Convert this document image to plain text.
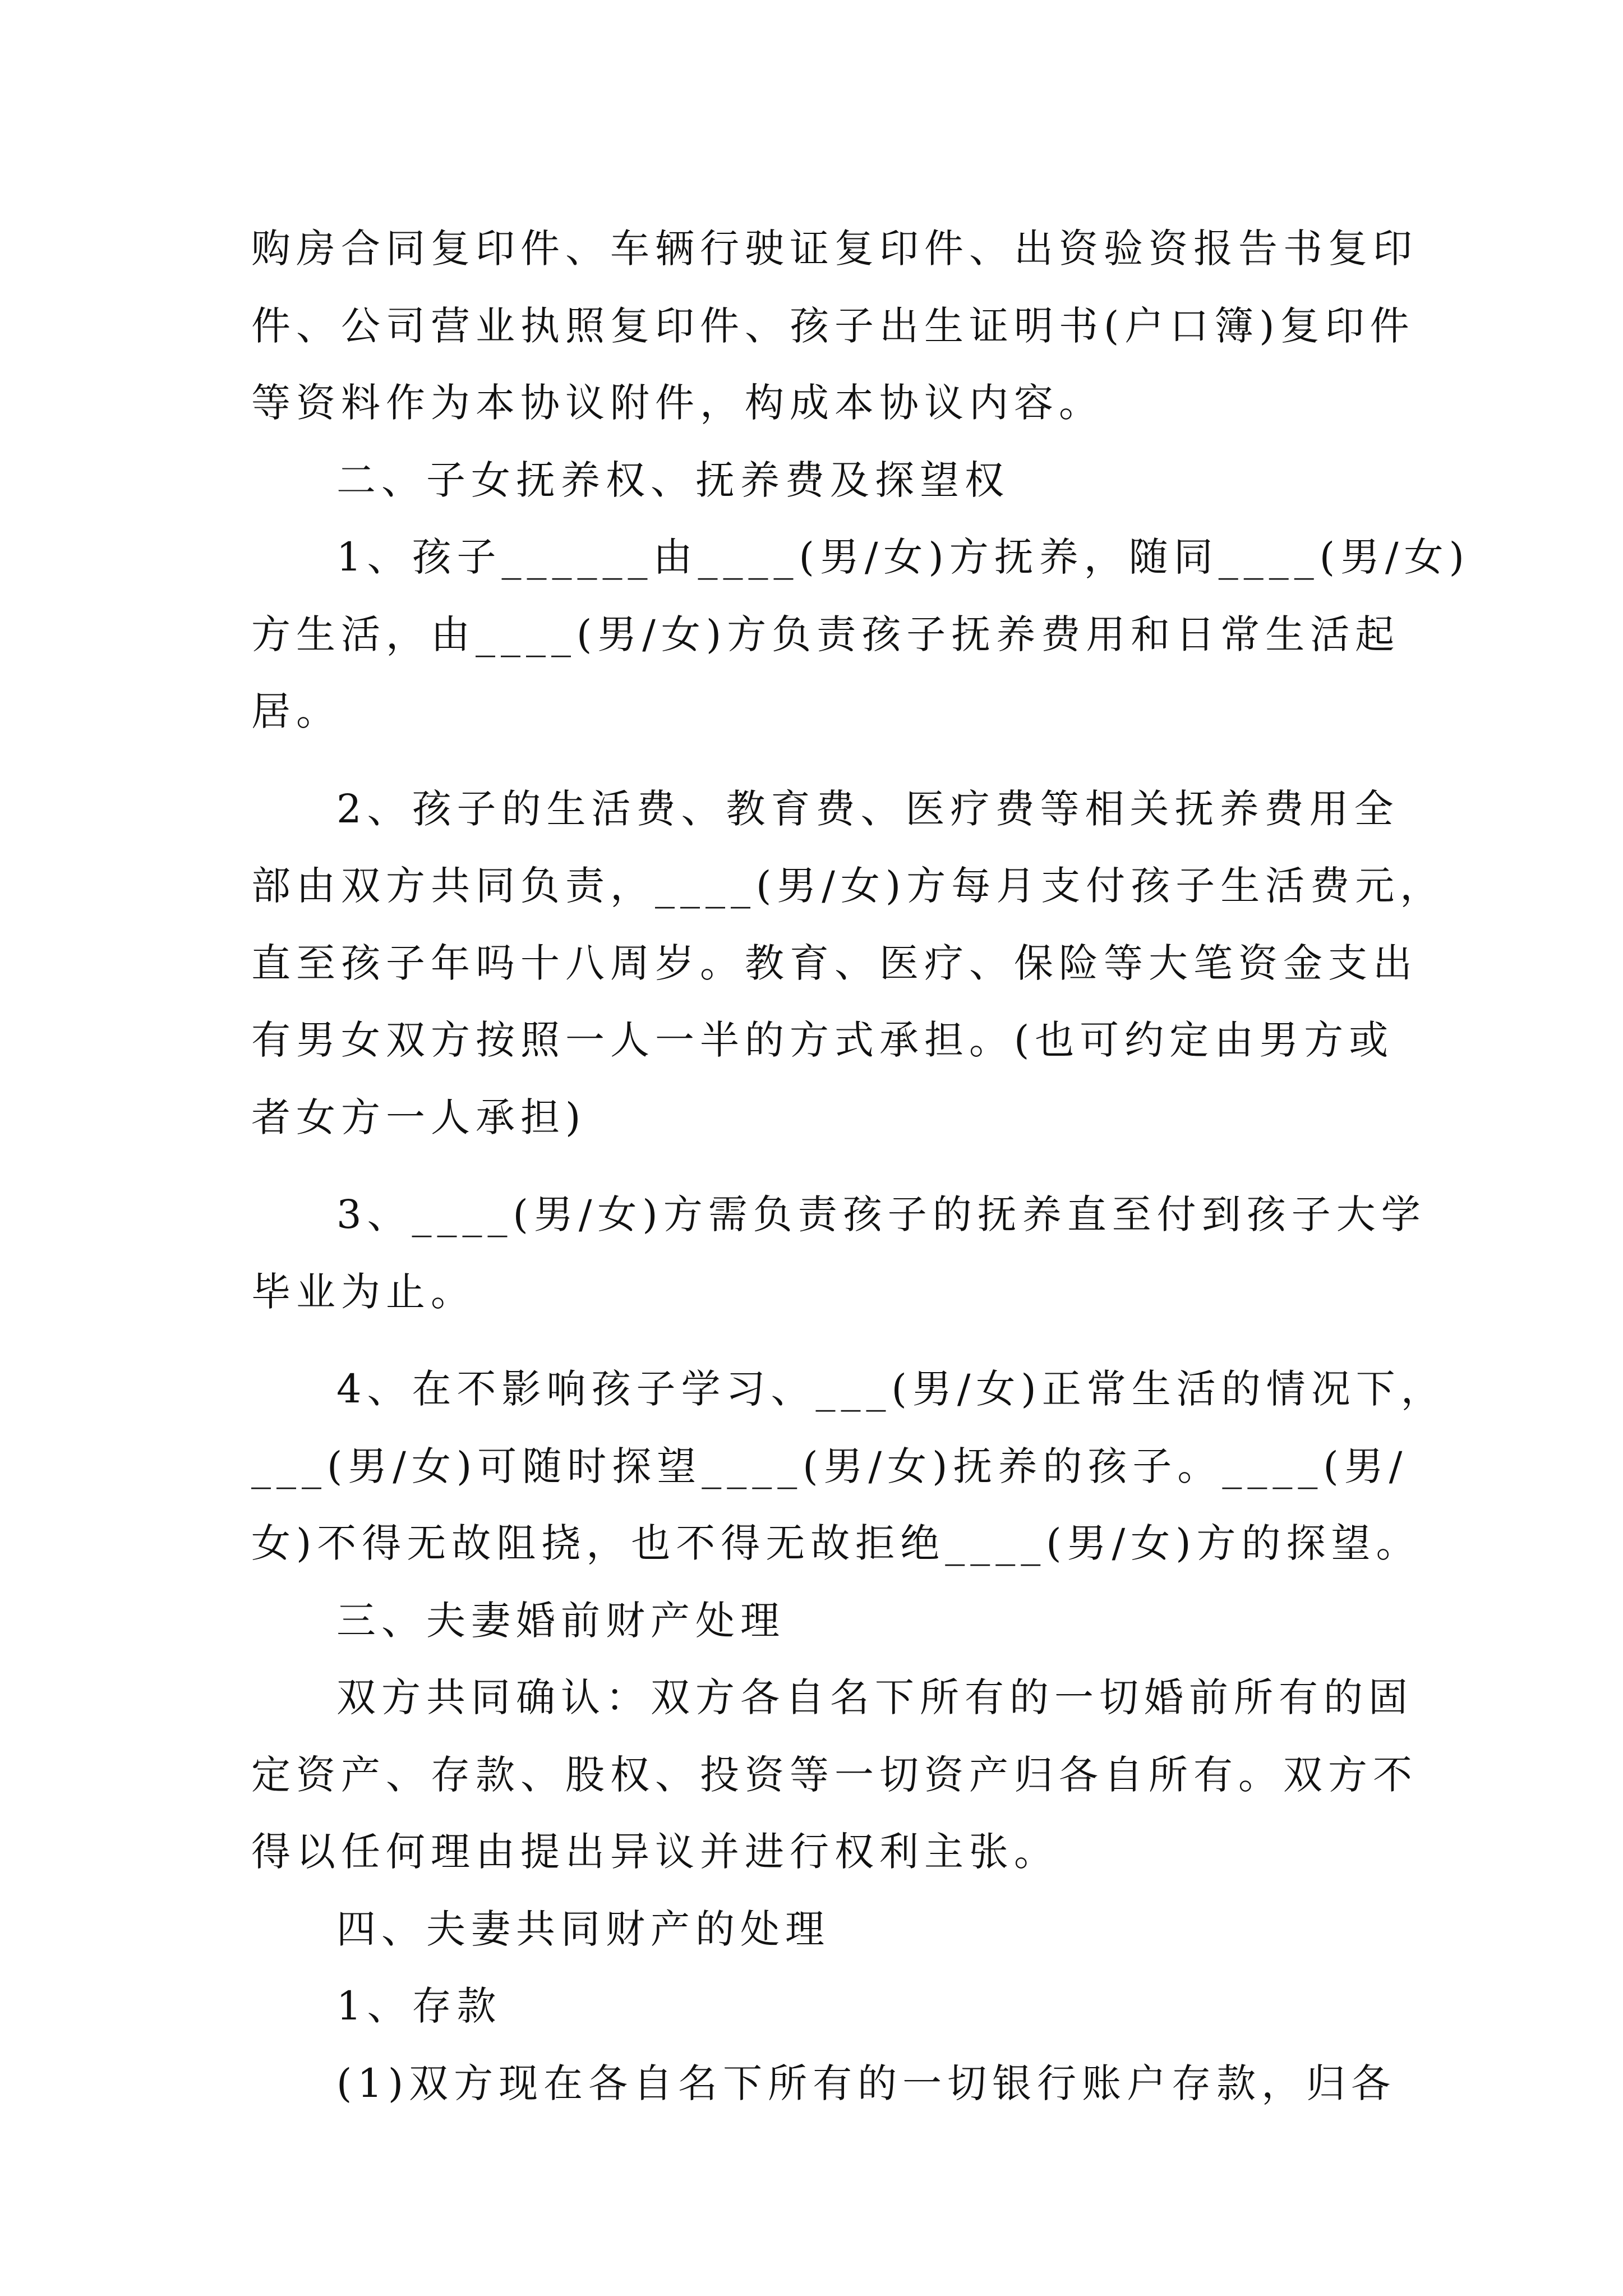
购房合同复印件、车辆行驶证复印件、出资验资报告书复印
件、公司营业执照复印件、孩子出生证明书(户口簿)复印件
等资料作为本协议附件，构成本协议内容。
二、子女抚养权、抚养费及探望权
1、孩子______由____(男/女)方抚养，随同____(男/女)
方生活，由____(男/女)方负责孩子抚养费用和日常生活起
居。
2、孩子的生活费、教育费、医疗费等相关抚养费用全
部由双方共同负责，____(男/女)方每月支付孩子生活费元，
直至孩子年吗十八周岁。教育、医疗、保险等大笔资金支出
有男女双方按照一人一半的方式承担。(也可约定由男方或
者女方一人承担)
3、____(男/女)方需负责孩子的抚养直至付到孩子大学
毕业为止。
4、在不影响孩子学习、___(男/女)正常生活的情况下，
___(男/女)可随时探望____(男/女)抚养的孩子。____(男/
女)不得无故阻挠，也不得无故拒绝____(男/女)方的探望。
三、夫妻婚前财产处理
双方共同确认：双方各自名下所有的一切婚前所有的固
定资产、存款、股权、投资等一切资产归各自所有。双方不
得以任何理由提出异议并进行权利主张。
四、夫妻共同财产的处理
1、存款
(1)双方现在各自名下所有的一切银行账户存款，归各
